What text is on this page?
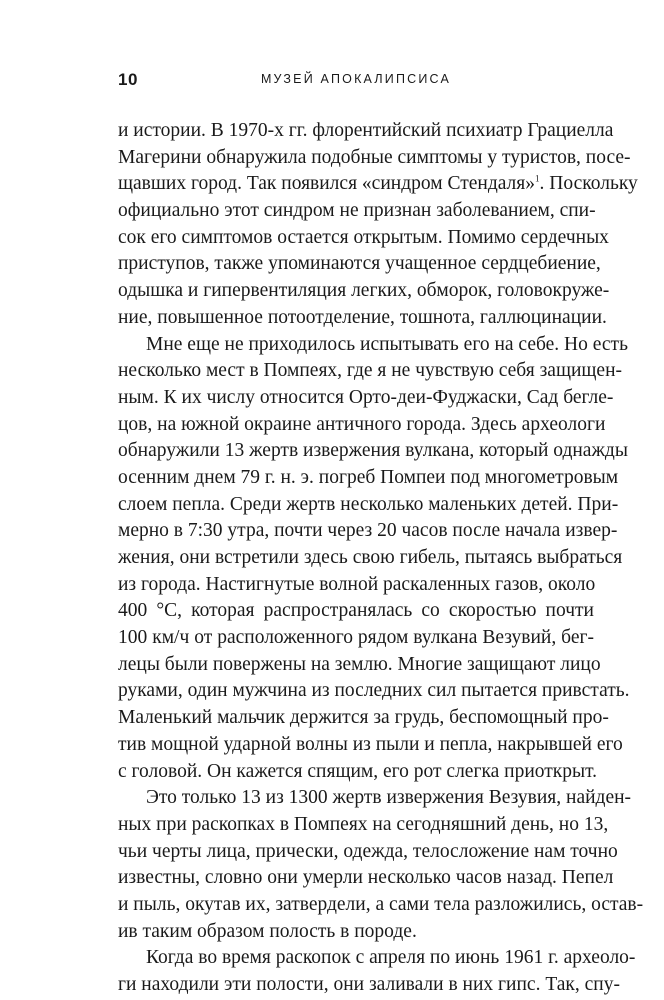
10	МУЗЕЙ АПОКАЛИПСИСА
и истории. В 1970-х гг. флорентийский психиатр Грациелла
Магерини обнаружила подобные симптомы у туристов, посе-
щавших город. Так появился «синдром Стендаля»$^1$. Поскольку
официально этот синдром не признан заболеванием, спи-
сок его симптомов остается открытым. Помимо сердечных
приступов, также упоминаются учащенное сердцебиение,
одышка и гипервентиляция легких, обморок, головокруже-
ние, повышенное потоотделение, тошнота, галлюцинации.
Мне еще не приходилось испытывать его на себе. Но есть
несколько мест в Помпеях, где я не чувствую себя защищен-
ным. К их числу относится Орто-деи-Фуджаски, Сад беглe-
цов, на южной окраине античного города. Здесь археологи
обнаружили 13 жертв извержения вулкана, который однажды
осенним днем 79 г. н. э. погреб Помпеи под многометровым
слоем пепла. Среди жертв несколько маленьких детей. При-
мерно в 7:30 утра, почти через 20 часов после начала извер-
жения, они встретили здесь свою гибель, пытаясь выбраться
из города. Настигнутые волной раскаленных газов, около
400 °С, которая распространялась со скоростью почти
100 км/ч от расположенного рядом вулкана Везувий, бег-
лецы были повержены на землю. Многие защищают лицо
руками, один мужчина из последних сил пытается привстать.
Маленький мальчик держится за грудь, беспомощный про-
тив мощной ударной волны из пыли и пепла, накрывшей его
с головой. Он кажется спящим, его рот слегка приоткрыт.
Это только 13 из 1300 жертв извержения Везувия, найден-
ных при раскопках в Помпеях на сегодняшний день, но 13,
чьи черты лица, прически, одежда, телосложение нам точно
известны, словно они умерли несколько часов назад. Пепел
и пыль, окутав их, затвердели, а сами тела разложились, остав-
ив таким образом полость в породе.
Когда во время раскопок с апреля по июнь 1961 г. археоло-
ги находили эти полости, они заливали в них гипс. Так, спу-
